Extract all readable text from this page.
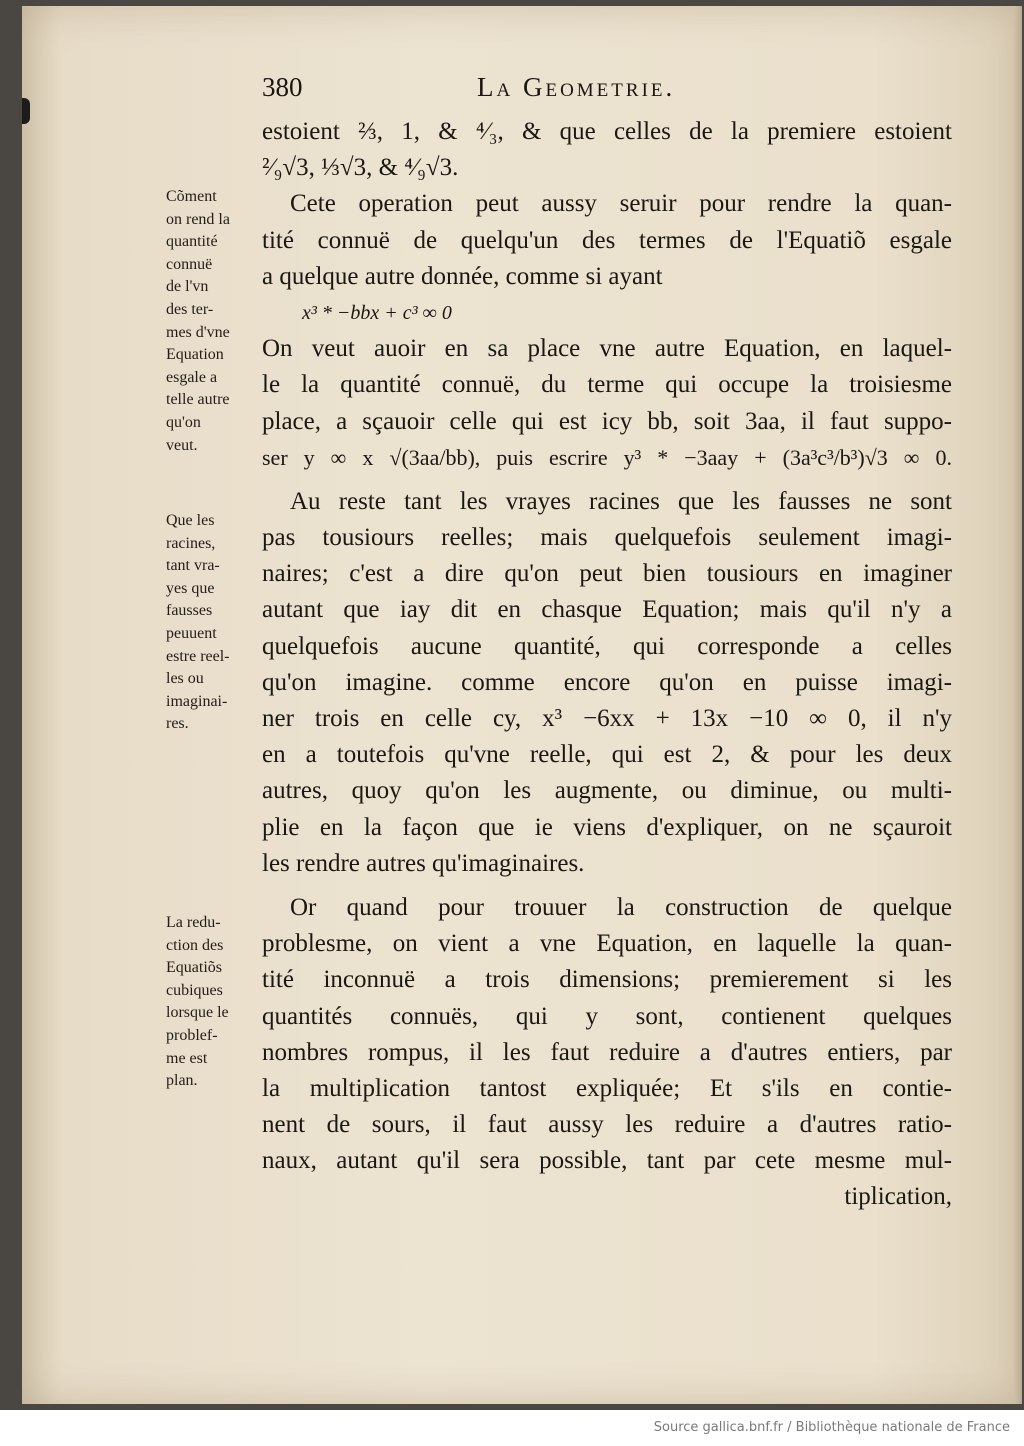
380	La Geometrie.
estoient ⅔, 1, & ⁴⁄₃, & que celles de la premiere estoient
²⁄₉√3, ⅓√3, & ⁴⁄₉√3.
Cete operation peut aussy seruir pour rendre la quan-
tité connuë de quelqu'un des termes de l'Equatiõ esgale
a quelque autre donnée, comme si ayant
x³ * −bbx + c³ ∞ 0
On veut auoir en sa place vne autre Equation, en laquel-
le la quantité connuë, du terme qui occupe la troisiesme
place, a sçauoir celle qui est icy bb, soit 3aa, il faut suppo-
ser y ∞ x √(3aa/bb), puis escrire y³ * −3aay + (3a³c³/b³)√3 ∞ 0.
Au reste tant les vrayes racines que les fausses ne sont
pas tousiours reelles; mais quelquefois seulement imagi-
naires; c'est a dire qu'on peut bien tousiours en imaginer
autant que iay dit en chasque Equation; mais qu'il n'y a
quelquefois aucune quantité, qui corresponde a celles
qu'on imagine. comme encore qu'on en puisse imagi-
ner trois en celle cy, x³ −6xx + 13x −10 ∞ 0, il n'y
en a toutefois qu'vne reelle, qui est 2, & pour les deux
autres, quoy qu'on les augmente, ou diminue, ou multi-
plie en la façon que ie viens d'expliquer, on ne sçauroit
les rendre autres qu'imaginaires.
Or quand pour trouuer la construction de quelque
problesme, on vient a vne Equation, en laquelle la quan-
tité inconnuë a trois dimensions; premierement si les
quantités connuës, qui y sont, contienent quelques
nombres rompus, il les faut reduire a d'autres entiers, par
la multiplication tantost expliquée; Et s'ils en contie-
nent de sours, il faut aussy les reduire a d'autres ratio-
naux, autant qu'il sera possible, tant par cete mesme mul-
tiplication,
Cõment
on rend la
quantité
connuë
de l'vn
des ter-
mes d'vne
Equation
esgale a
telle autre
qu'on
veut.
Que les
racines,
tant vra-
yes que
fausses
peuuent
estre reel-
les ou
imaginai-
res.
La redu-
ction des
Equatiõs
cubiques
lorsque le
problef-
me est
plan.
Source gallica.bnf.fr / Bibliothèque nationale de France
